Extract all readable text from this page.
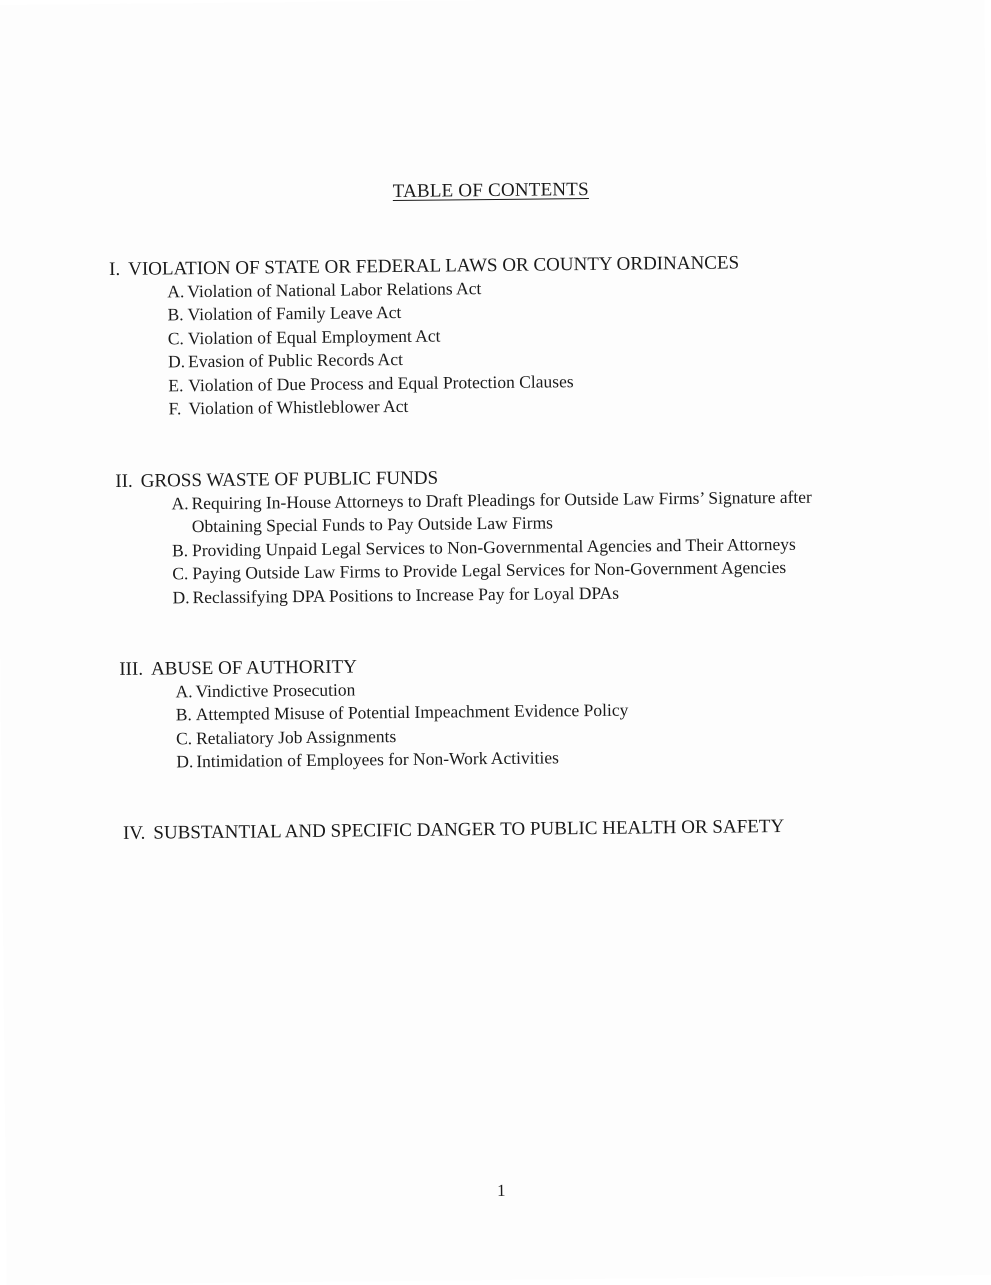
TABLE OF CONTENTS

I. VIOLATION OF STATE OR FEDERAL LAWS OR COUNTY ORDINANCES

A. Violation of National Labor Relations Act
B. Violation of Family Leave Act
C. Violation of Equal Employment Act
D. Evasion of Public Records Act
E. Violation of Due Process and Equal Protection Clauses
F. Violation of Whistleblower Act

II. GROSS WASTE OF PUBLIC FUNDS

A. Requiring In-House Attorneys to Draft Pleadings for Outside Law Firms’ Signature after Obtaining Special Funds to Pay Outside Law Firms
B. Providing Unpaid Legal Services to Non-Governmental Agencies and Their Attorneys
C. Paying Outside Law Firms to Provide Legal Services for Non-Government Agencies
D. Reclassifying DPA Positions to Increase Pay for Loyal DPAs

III. ABUSE OF AUTHORITY

A. Vindictive Prosecution
B. Attempted Misuse of Potential Impeachment Evidence Policy
C. Retaliatory Job Assignments
D. Intimidation of Employees for Non-Work Activities

IV. SUBSTANTIAL AND SPECIFIC DANGER TO PUBLIC HEALTH OR SAFETY

1
